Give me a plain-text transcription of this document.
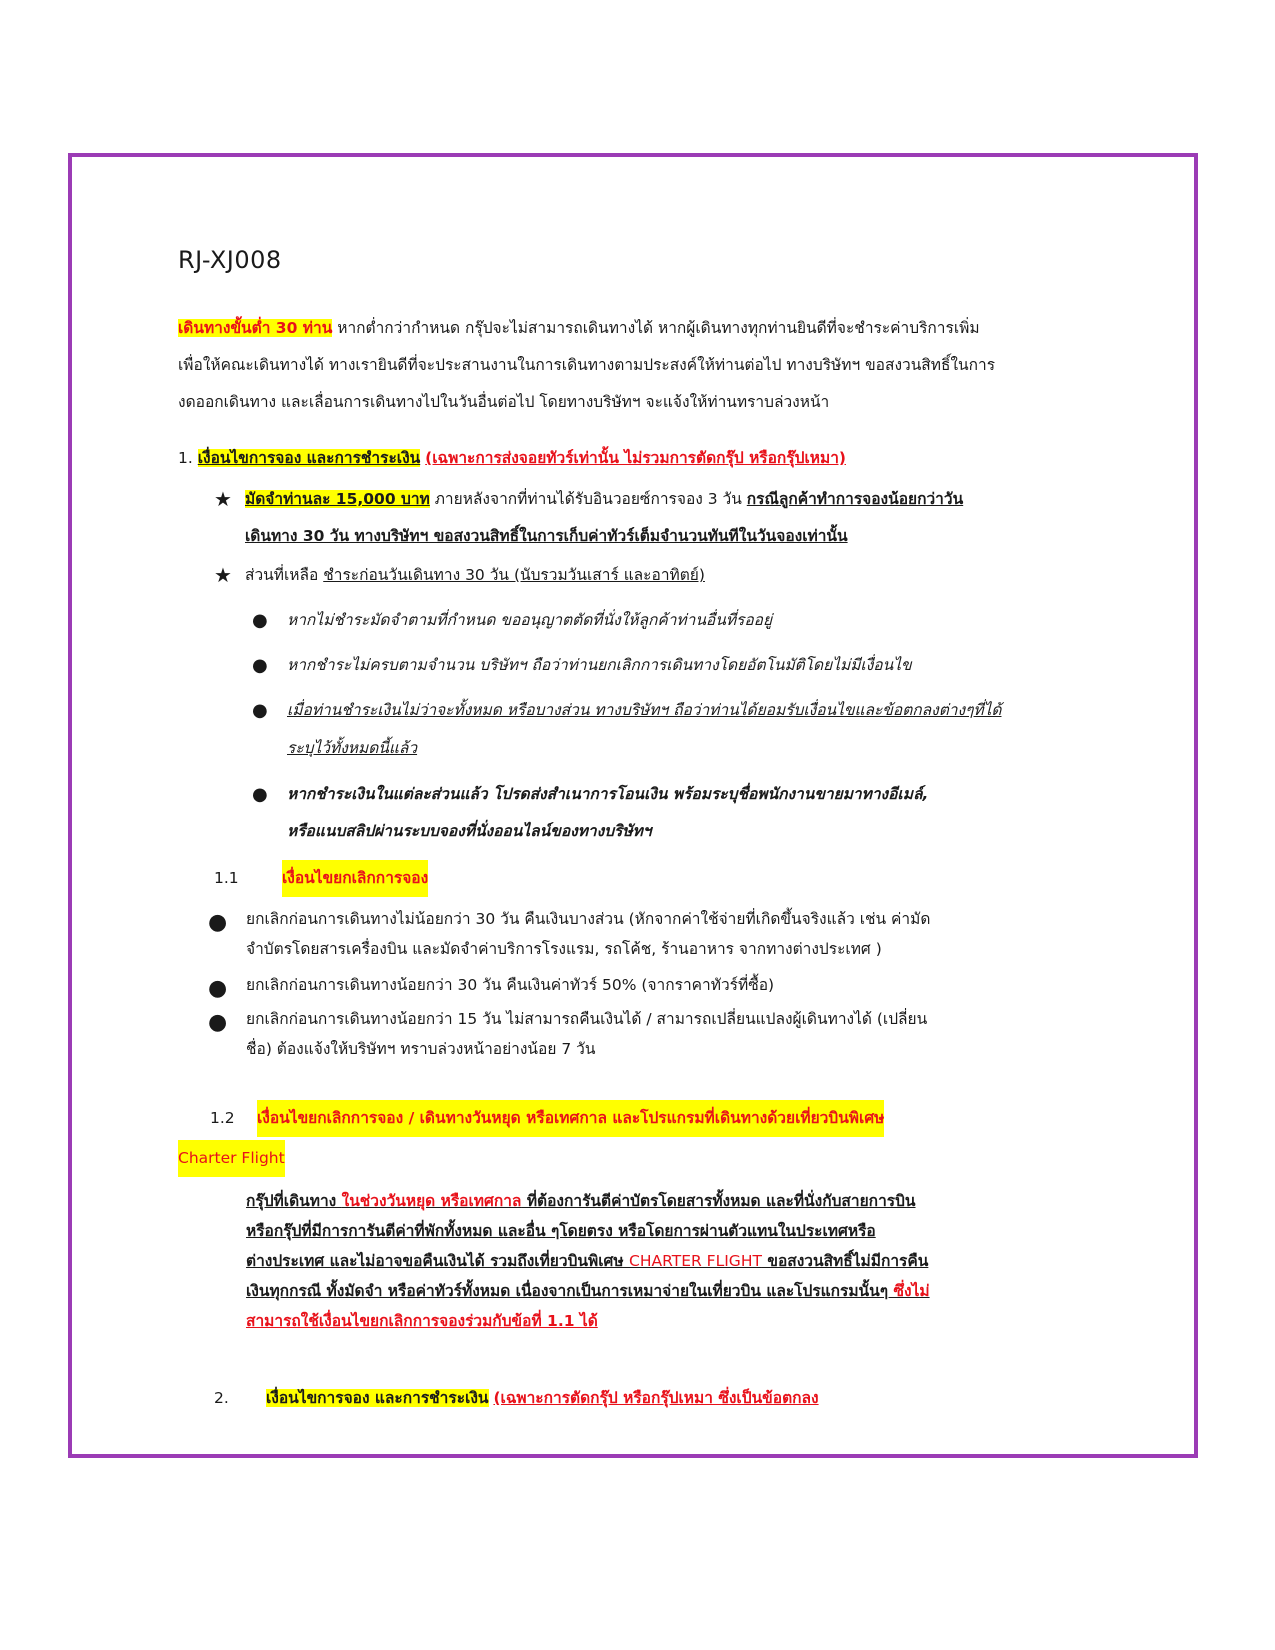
RJ-XJ008

เดินทางขั้นต่ำ 30 ท่าน หากต่ำกว่ากำหนด กรุ๊ปจะไม่สามารถเดินทางได้ หากผู้เดินทางทุกท่านยินดีที่จะชำระค่าบริการเพิ่ม

เพื่อให้คณะเดินทางได้ ทางเรายินดีที่จะประสานงานในการเดินทางตามประสงค์ให้ท่านต่อไป ทางบริษัทฯ ขอสงวนสิทธิ์ในการ

งดออกเดินทาง และเลื่อนการเดินทางไปในวันอื่นต่อไป โดยทางบริษัทฯ จะแจ้งให้ท่านทราบล่วงหน้า

1. เงื่อนไขการจอง และการชำระเงิน (เฉพาะการส่งจอยทัวร์เท่านั้น ไม่รวมการตัดกรุ๊ป หรือกรุ๊ปเหมา)
★ มัดจำท่านละ 15,000 บาท ภายหลังจากที่ท่านได้รับอินวอยซ์การจอง 3 วัน กรณีลูกค้าทำการจองน้อยกว่าวัน
เดินทาง 30 วัน ทางบริษัทฯ ขอสงวนสิทธิ์ในการเก็บค่าทัวร์เต็มจำนวนทันทีในวันจองเท่านั้น
★ ส่วนที่เหลือ ชำระก่อนวันเดินทาง 30 วัน (นับรวมวันเสาร์ และอาทิตย์)
● หากไม่ชำระมัดจำตามที่กำหนด ขออนุญาตตัดที่นั่งให้ลูกค้าท่านอื่นที่รออยู่
● หากชำระไม่ครบตามจำนวน บริษัทฯ ถือว่าท่านยกเลิกการเดินทางโดยอัตโนมัติโดยไม่มีเงื่อนไข
● เมื่อท่านชำระเงินไม่ว่าจะทั้งหมด หรือบางส่วน ทางบริษัทฯ ถือว่าท่านได้ยอมรับเงื่อนไขและข้อตกลงต่างๆที่ได้
ระบุไว้ทั้งหมดนี้แล้ว
● หากชำระเงินในแต่ละส่วนแล้ว โปรดส่งสำเนาการโอนเงิน พร้อมระบุชื่อพนักงานขายมาทางอีเมล์,
หรือแนบสลิปผ่านระบบจองที่นั่งออนไลน์ของทางบริษัทฯ
1.1	เงื่อนไขยกเลิกการจอง
● ยกเลิกก่อนการเดินทางไม่น้อยกว่า 30 วัน คืนเงินบางส่วน (หักจากค่าใช้จ่ายที่เกิดขึ้นจริงแล้ว เช่น ค่ามัด
จำบัตรโดยสารเครื่องบิน และมัดจำค่าบริการโรงแรม, รถโค้ช, ร้านอาหาร จากทางต่างประเทศ )
● ยกเลิกก่อนการเดินทางน้อยกว่า 30 วัน คืนเงินค่าทัวร์ 50% (จากราคาทัวร์ที่ซื้อ)
● ยกเลิกก่อนการเดินทางน้อยกว่า 15 วัน ไม่สามารถคืนเงินได้ / สามารถเปลี่ยนแปลงผู้เดินทางได้ (เปลี่ยน
ชื่อ) ต้องแจ้งให้บริษัทฯ ทราบล่วงหน้าอย่างน้อย 7 วัน
1.2 เงื่อนไขยกเลิกการจอง / เดินทางวันหยุด หรือเทศกาล และโปรแกรมที่เดินทางด้วยเที่ยวบินพิเศษ
Charter Flight
กรุ๊ปที่เดินทาง ในช่วงวันหยุด หรือเทศกาล ที่ต้องการันตีค่าบัตรโดยสารทั้งหมด และที่นั่งกับสายการบิน
หรือกรุ๊ปที่มีการการันตีค่าที่พักทั้งหมด และอื่น ๆโดยตรง หรือโดยการผ่านตัวแทนในประเทศหรือ
ต่างประเทศ และไม่อาจขอคืนเงินได้ รวมถึงเที่ยวบินพิเศษ CHARTER FLIGHT ขอสงวนสิทธิ์ไม่มีการคืน
เงินทุกกรณี ทั้งมัดจำ หรือค่าทัวร์ทั้งหมด เนื่องจากเป็นการเหมาจ่ายในเที่ยวบิน และโปรแกรมนั้นๆ ซึ่งไม่
สามารถใช้เงื่อนไขยกเลิกการจองร่วมกับข้อที่ 1.1 ได้
2. เงื่อนไขการจอง และการชำระเงิน (เฉพาะการตัดกรุ๊ป หรือกรุ๊ปเหมา ซึ่งเป็นข้อตกลง
